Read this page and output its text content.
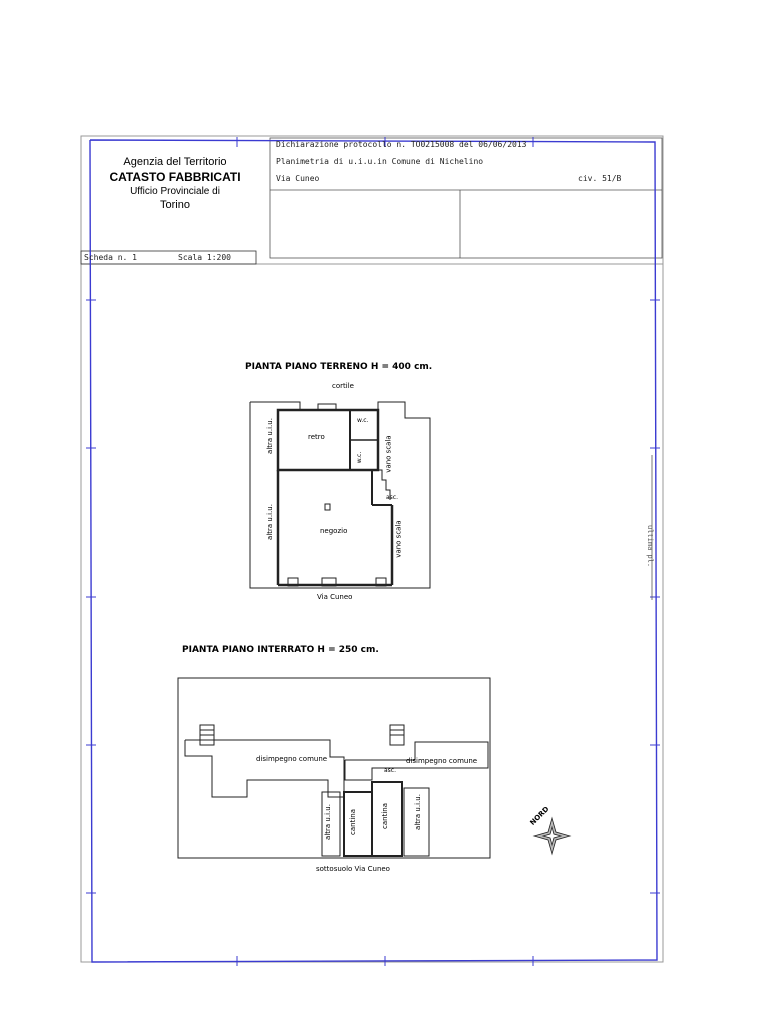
Agenzia del Territorio
CATASTO FABBRICATI
Ufficio Provinciale di
Torino
Dichiarazione protocollo n. TO0215008 del 06/06/2013
Planimetria di u.i.u.in Comune di Nichelino
Via Cuneo	civ. 51/B
Scheda n. 1	Scala 1:200
ultima pl.
PIANTA PIANO TERRENO H = 400 cm.
cortile
retro
w.c.
w.c.	vano scala
asc.
negozio	vano scala
altra u.i.u.
altra u.i.u.
Via Cuneo
PIANTA PIANO INTERRATO H = 250 cm.
disimpegno comune	disimpegno comune
asc.
cantina	cantina
altra u.i.u.	altra u.i.u.
sottosuolo Via Cuneo
NORD
